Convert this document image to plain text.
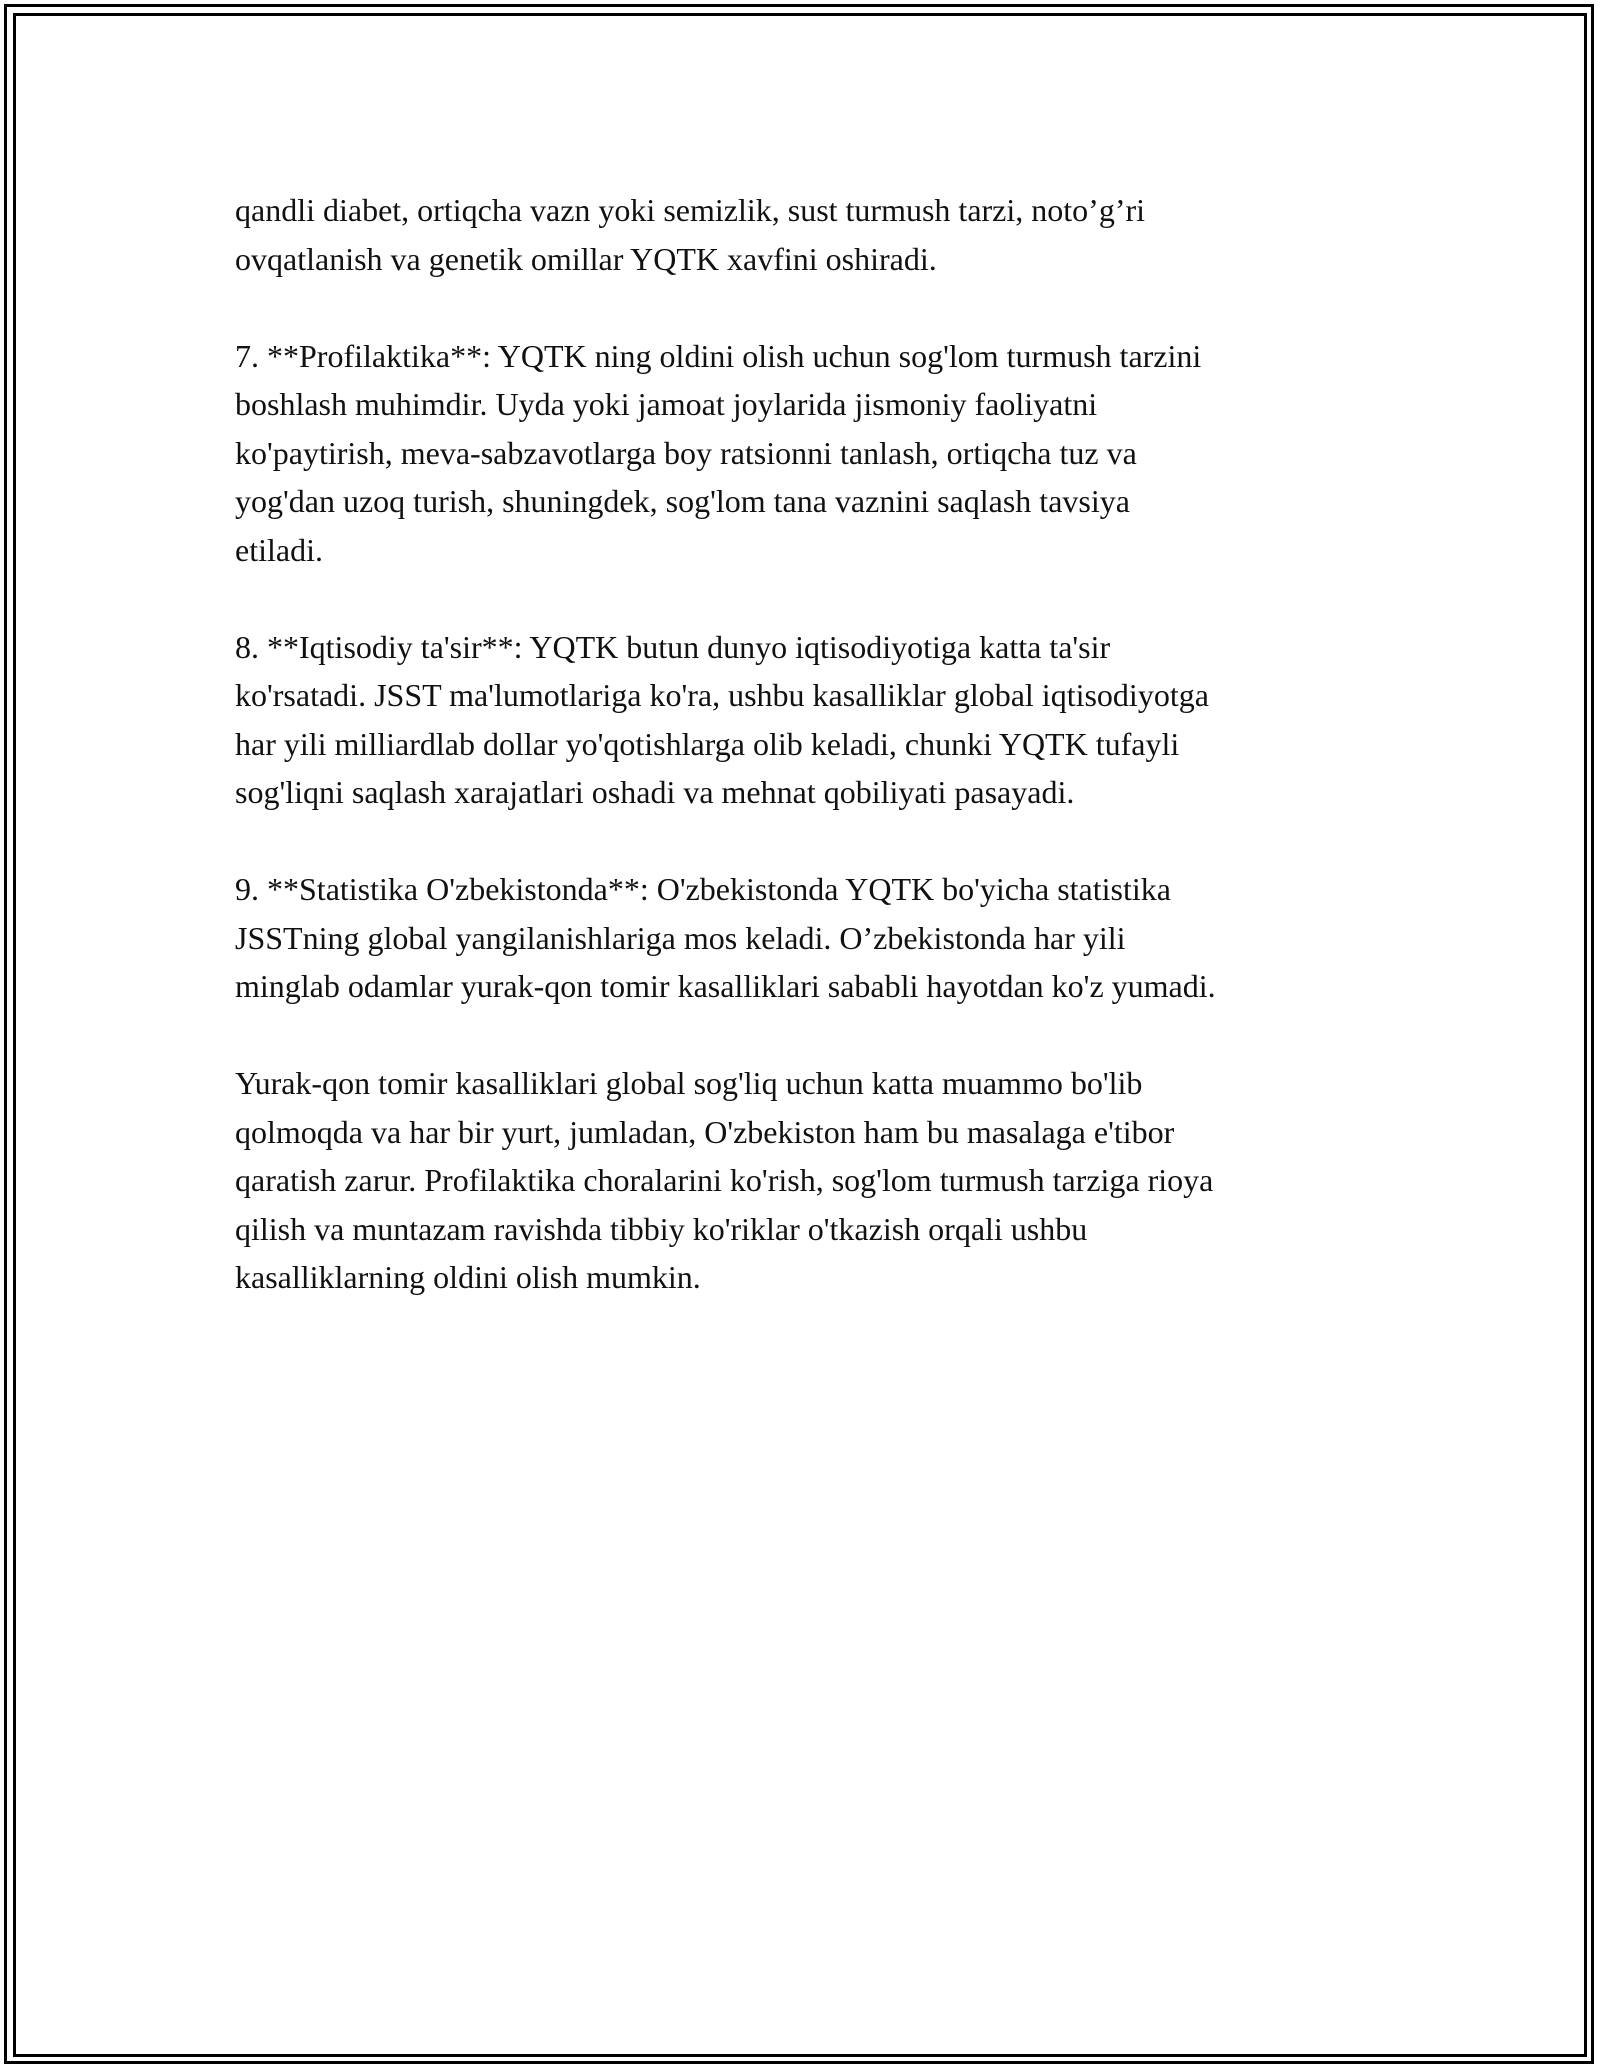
qandli diabet, ortiqcha vazn yoki semizlik, sust turmush tarzi, noto’g’ri
ovqatlanish va genetik omillar YQTK xavfini oshiradi.

7. **Profilaktika**: YQTK ning oldini olish uchun sog'lom turmush tarzini
boshlash muhimdir. Uyda yoki jamoat joylarida jismoniy faoliyatni
ko'paytirish, meva-sabzavotlarga boy ratsionni tanlash, ortiqcha tuz va
yog'dan uzoq turish, shuningdek, sog'lom tana vaznini saqlash tavsiya
etiladi.

8. **Iqtisodiy ta'sir**: YQTK butun dunyo iqtisodiyotiga katta ta'sir
ko'rsatadi. JSST ma'lumotlariga ko'ra, ushbu kasalliklar global iqtisodiyotga
har yili milliardlab dollar yo'qotishlarga olib keladi, chunki YQTK tufayli
sog'liqni saqlash xarajatlari oshadi va mehnat qobiliyati pasayadi.

9. **Statistika O'zbekistonda**: O'zbekistonda YQTK bo'yicha statistika
JSSTning global yangilanishlariga mos keladi. O’zbekistonda har yili
minglab odamlar yurak-qon tomir kasalliklari sababli hayotdan ko'z yumadi.

Yurak-qon tomir kasalliklari global sog'liq uchun katta muammo bo'lib
qolmoqda va har bir yurt, jumladan, O'zbekiston ham bu masalaga e'tibor
qaratish zarur. Profilaktika choralarini ko'rish, sog'lom turmush tarziga rioya
qilish va muntazam ravishda tibbiy ko'riklar o'tkazish orqali ushbu
kasalliklarning oldini olish mumkin.
